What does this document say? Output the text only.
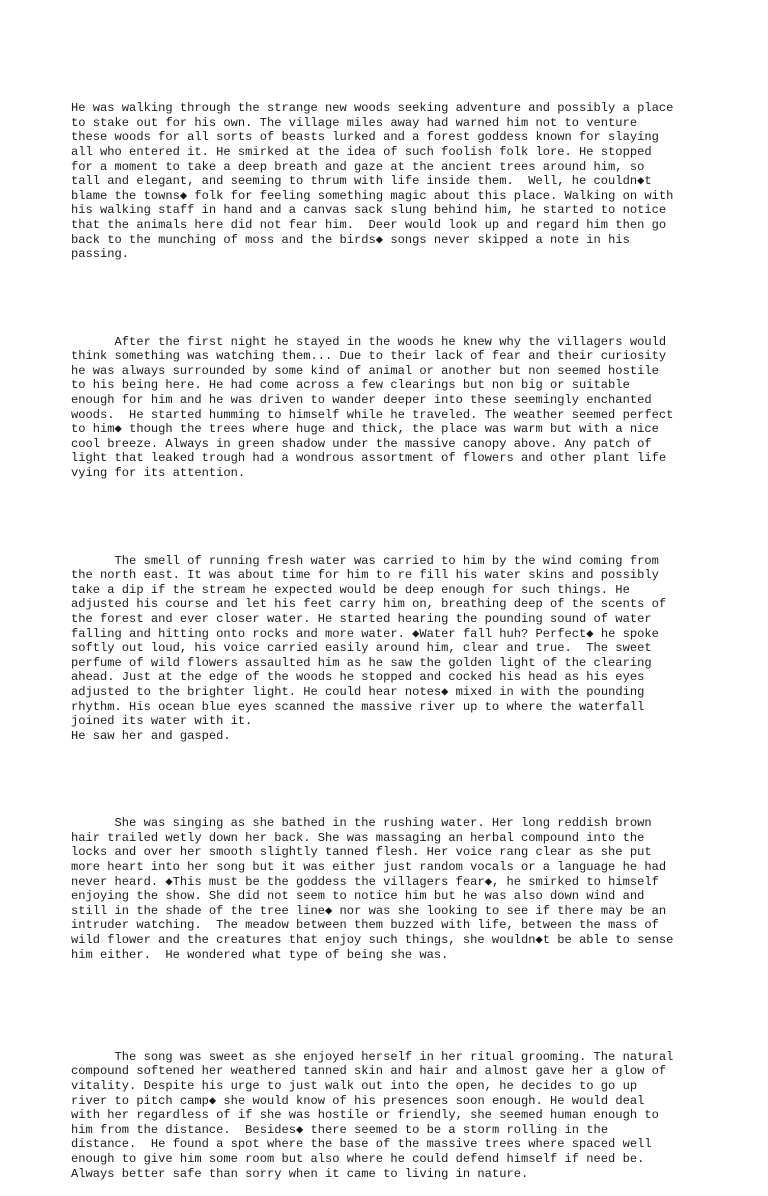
He was walking through the strange new woods seeking adventure and possibly a place
to stake out for his own. The village miles away had warned him not to venture
these woods for all sorts of beasts lurked and a forest goddess known for slaying
all who entered it. He smirked at the idea of such foolish folk lore. He stopped
for a moment to take a deep breath and gaze at the ancient trees around him, so
tall and elegant, and seeming to thrum with life inside them.  Well, he couldn◆t
blame the towns◆ folk for feeling something magic about this place. Walking on with
his walking staff in hand and a canvas sack slung behind him, he started to notice
that the animals here did not fear him.  Deer would look up and regard him then go
back to the munching of moss and the birds◆ songs never skipped a note in his
passing.

After the first night he stayed in the woods he knew why the villagers would
think something was watching them... Due to their lack of fear and their curiosity
he was always surrounded by some kind of animal or another but non seemed hostile
to his being here. He had come across a few clearings but non big or suitable
enough for him and he was driven to wander deeper into these seemingly enchanted
woods.  He started humming to himself while he traveled. The weather seemed perfect
to him◆ though the trees where huge and thick, the place was warm but with a nice
cool breeze. Always in green shadow under the massive canopy above. Any patch of
light that leaked trough had a wondrous assortment of flowers and other plant life
vying for its attention.

The smell of running fresh water was carried to him by the wind coming from
the north east. It was about time for him to re fill his water skins and possibly
take a dip if the stream he expected would be deep enough for such things. He
adjusted his course and let his feet carry him on, breathing deep of the scents of
the forest and ever closer water. He started hearing the pounding sound of water
falling and hitting onto rocks and more water. ◆Water fall huh? Perfect◆ he spoke
softly out loud, his voice carried easily around him, clear and true.  The sweet
perfume of wild flowers assaulted him as he saw the golden light of the clearing
ahead. Just at the edge of the woods he stopped and cocked his head as his eyes
adjusted to the brighter light. He could hear notes◆ mixed in with the pounding
rhythm. His ocean blue eyes scanned the massive river up to where the waterfall
joined its water with it.
He saw her and gasped.

She was singing as she bathed in the rushing water. Her long reddish brown
hair trailed wetly down her back. She was massaging an herbal compound into the
locks and over her smooth slightly tanned flesh. Her voice rang clear as she put
more heart into her song but it was either just random vocals or a language he had
never heard. ◆This must be the goddess the villagers fear◆, he smirked to himself
enjoying the show. She did not seem to notice him but he was also down wind and
still in the shade of the tree line◆ nor was she looking to see if there may be an
intruder watching.  The meadow between them buzzed with life, between the mass of
wild flower and the creatures that enjoy such things, she wouldn◆t be able to sense
him either.  He wondered what type of being she was.

The song was sweet as she enjoyed herself in her ritual grooming. The natural
compound softened her weathered tanned skin and hair and almost gave her a glow of
vitality. Despite his urge to just walk out into the open, he decides to go up
river to pitch camp◆ she would know of his presences soon enough. He would deal
with her regardless of if she was hostile or friendly, she seemed human enough to
him from the distance.  Besides◆ there seemed to be a storm rolling in the
distance.  He found a spot where the base of the massive trees where spaced well
enough to give him some room but also where he could defend himself if need be.
Always better safe than sorry when it came to living in nature.
